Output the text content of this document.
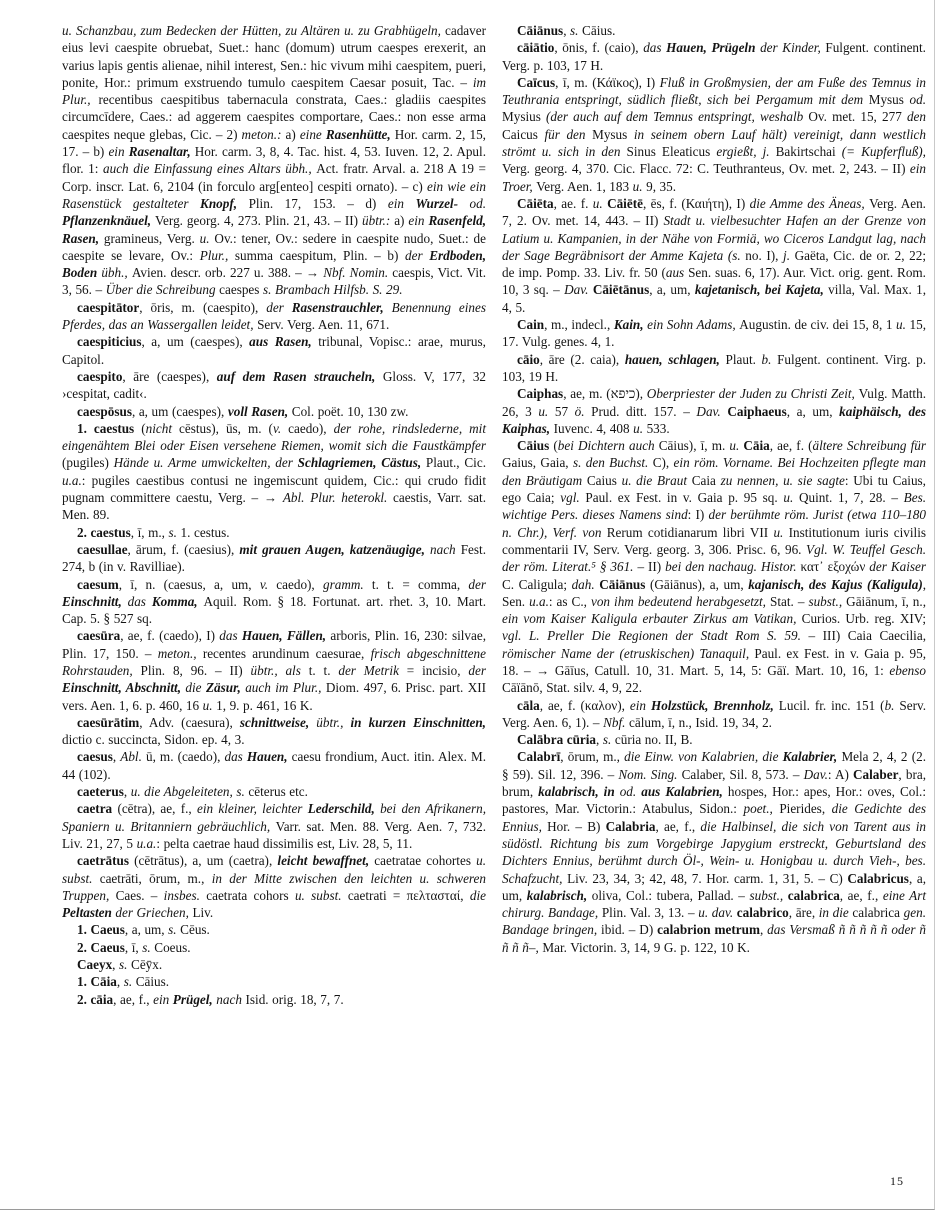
u. Schanzbau, zum Bedecken der Hütten, zu Altären u. zu Grabhügeln, cadaver eius levi caespite obruebat, Suet.: hanc (domum) utrum caespes erexerit, an varius lapis gentis alienae, nihil interest, Sen.: hic vivum mihi caespitem, pueri, ponite, Hor.: primum exstruendo tumulo caespitem Caesar posuit, Tac. – im Plur., recentibus caespitibus tabernacula constrata, Caes.: gladiis caespites circumcīdere, Caes.: ad aggerem caespites comportare, Caes.: non esse arma caespites neque glebas, Cic. – 2) meton.: a) eine Rasenhütte, Hor. carm. 2, 15, 17. – b) ein Rasenaltar, Hor. carm. 3, 8, 4. Tac. hist. 4, 53. Iuven. 12, 2. Apul. flor. 1: auch die Einfassung eines Altars übh., Act. fratr. Arval. a. 218 A 19 = Corp. inscr. Lat. 6, 2104 (in forculo arg[enteo] cespiti ornato). – c) ein wie ein Rasenstück gestalteter Knopf, Plin. 17, 153. – d) ein Wurzel- od. Pflanzenknäuel, Verg. georg. 4, 273. Plin. 21, 43. – II) übtr.: a) ein Rasenfeld, Rasen, gramineus, Verg. u. Ov.: tener, Ov.: sedere in caespite nudo, Suet.: de caespite se levare, Ov.: Plur., summa caespitum, Plin. – b) der Erdboden, Boden übh., Avien. descr. orb. 227 u. 388. – → Nbf. Nomin. caespis, Vict. Vit. 3, 56. – Über die Schreibung caespes s. Brambach Hilfsb. S. 29.

caespitātor, ōris, m. (caespito), der Rasenstrauchler, Benennung eines Pferdes, das an Wassergallen leidet, Serv. Verg. Aen. 11, 671.

caespiticius, a, um (caespes), aus Rasen, tribunal, Vopisc.: arae, murus, Capitol.

caespito, āre (caespes), auf dem Rasen straucheln, Gloss. V, 177, 32 ›cespitat, cadit‹.

caespōsus, a, um (caespes), voll Rasen, Col. poët. 10, 130 zw.

1. caestus (nicht cēstus), ūs, m. (v. caedo), der rohe, rindslederne, mit eingenähtem Blei oder Eisen versehene Riemen, womit sich die Faustkämpfer (pugiles) Hände u. Arme umwickelten, der Schlagriemen, Cästus, Plaut., Cic. u.a.: pugiles caestibus contusi ne ingemiscunt quidem, Cic.: qui crudo fidit pugnam committere caestu, Verg. – → Abl. Plur. heterokl. caestis, Varr. sat. Men. 89.

2. caestus, ī, m., s. 1. cestus.

caesullae, ārum, f. (caesius), mit grauen Augen, katzenäugige, nach Fest. 274, b (in v. Ravilliae).

caesum, ī, n. (caesus, a, um, v. caedo), gramm. t. t. = comma, der Einschnitt, das Komma, Aquil. Rom. § 18. Fortunat. art. rhet. 3, 10. Mart. Cap. 5. § 527 sq.

caesūra, ae, f. (caedo), I) das Hauen, Fällen, arboris, Plin. 16, 230: silvae, Plin. 17, 150. – meton., recentes arundinum caesurae, frisch abgeschnittene Rohrstauden, Plin. 8, 96. – II) übtr., als t. t. der Metrik = incisio, der Einschnitt, Abschnitt, die Zäsur, auch im Plur., Diom. 497, 6. Prisc. part. XII vers. Aen. 1, 6. p. 460, 16 u. 1, 9. p. 461, 16 K.

caesūrātim, Adv. (caesura), schnittweise, übtr., in kurzen Einschnitten, dictio c. succincta, Sidon. ep. 4, 3.

caesus, Abl. ū, m. (caedo), das Hauen, caesu frondium, Auct. itin. Alex. M. 44 (102).

caeterus, u. die Abgeleiteten, s. cēterus etc.

caetra (cētra), ae, f., ein kleiner, leichter Lederschild, bei den Afrikanern, Spaniern u. Britanniern gebräuchlich, Varr. sat. Men. 88. Verg. Aen. 7, 732. Liv. 21, 27, 5 u.a.: pelta caetrae haud dissimilis est, Liv. 28, 5, 11.

caetrātus (cētrātus), a, um (caetra), leicht bewaffnet, caetratae cohortes u. subst. caetrāti, ōrum, m., in der Mitte zwischen den leichten u. schweren Truppen, Caes. – insbes. caetrata cohors u. subst. caetrati = πελτασταί, die Peltasten der Griechen, Liv.

1. Caeus, a, um, s. Cēus.

2. Caeus, ī, s. Coeus.

Caeyx, s. Cēȳx.

1. Cāia, s. Cāius.

2. cāia, ae, f., ein Prügel, nach Isid. orig. 18, 7, 7.

Cāiānus, s. Cāius.

cāiātio, ōnis, f. (caio), das Hauen, Prügeln der Kinder, Fulgent. continent. Verg. p. 103, 17 H.

Caīcus, ī, m. (Κάϊκος), I) Fluß in Großmysien, der am Fuße des Temnus in Teuthrania entspringt, südlich fließt, sich bei Pergamum mit dem Mysus od. Mysius (der auch auf dem Temnus entspringt, weshalb Ov. met. 15, 277 den Caicus für den Mysus in seinem obern Lauf hält) vereinigt, dann westlich strömt u. sich in den Sinus Eleaticus ergießt, j. Bakirtschai (= Kupferfluß), Verg. georg. 4, 370. Cic. Flacc. 72: C. Teuthranteus, Ov. met. 2, 243. – II) ein Troer, Verg. Aen. 1, 183 u. 9, 35.

Cāiēta, ae. f. u. Cāiētē, ēs, f. (Καιήτη), I) die Amme des Äneas, Verg. Aen. 7, 2. Ov. met. 14, 443. – II) Stadt u. vielbesuchter Hafen an der Grenze von Latium u. Kampanien, in der Nähe von Formiä, wo Ciceros Landgut lag, nach der Sage Begräbnisort der Amme Kajeta (s. no. I), j. Gaëta, Cic. de or. 2, 22; de imp. Pomp. 33. Liv. fr. 50 (aus Sen. suas. 6, 17). Aur. Vict. orig. gent. Rom. 10, 3 sq. – Dav. Cāiētānus, a, um, kajetanisch, bei Kajeta, villa, Val. Max. 1, 4, 5.

Cain, m., indecl., Kain, ein Sohn Adams, Augustin. de civ. dei 15, 8, 1 u. 15, 17. Vulg. genes. 4, 1.

cāio, āre (2. caia), hauen, schlagen, Plaut. b. Fulgent. continent. Virg. p. 103, 19 H.

Caiphas, ae, m. (כיפא), Oberpriester der Juden zu Christi Zeit, Vulg. Matth. 26, 3 u. 57 ö. Prud. ditt. 157. – Dav. Caiphaeus, a, um, kaiphäisch, des Kaiphas, Iuvenc. 4, 408 u. 533.

Cāius (bei Dichtern auch Cāius), ī, m. u. Cāia, ae, f. (ältere Schreibung für Gaius, Gaia, s. den Buchst. C), ein röm. Vorname. Bei Hochzeiten pflegte man den Bräutigam Caius u. die Braut Caia zu nennen, u. sie sagte: Ubi tu Caius, ego Caia; vgl. Paul. ex Fest. in v. Gaia p. 95 sq. u. Quint. 1, 7, 28. – Bes. wichtige Pers. dieses Namens sind: I) der berühmte röm. Jurist (etwa 110–180 n. Chr.), Verf. von Rerum cotidianarum libri VII u. Institutionum iuris civilis commentarii IV, Serv. Verg. georg. 3, 306. Prisc. 6, 96. Vgl. W. Teuffel Gesch. der röm. Literat.⁵ § 361. – II) bei den nachaug. Histor. κατ᾽ εξοχών der Kaiser C. Caligula; dah. Cāiānus (Gāiānus), a, um, kajanisch, des Kajus (Kaligula), Sen. u.a.: as C., von ihm bedeutend herabgesetzt, Stat. – subst., Gāiānum, ī, n., ein vom Kaiser Kaligula erbauter Zirkus am Vatikan, Curios. Urb. reg. XIV; vgl. L. Preller Die Regionen der Stadt Rom S. 59. – III) Caia Caecilia, römischer Name der (etruskischen) Tanaquil, Paul. ex Fest. in v. Gaia p. 95, 18. – → Gāīus, Catull. 10, 31. Mart. 5, 14, 5: Gāï. Mart. 10, 16, 1: ebenso Cāïānō, Stat. silv. 4, 9, 22.

cāla, ae, f. (καλον), ein Holzstück, Brennholz, Lucil. fr. inc. 151 (b. Serv. Verg. Aen. 6, 1). – Nbf. cālum, ī, n., Isid. 19, 34, 2.

Calābra cūria, s. cūria no. II, B.

Calabrī, ōrum, m., die Einw. von Kalabrien, die Kalabrier, Mela 2, 4, 2 (2. § 59). Sil. 12, 396. – Nom. Sing. Calaber, Sil. 8, 573. – Dav.: A) Calaber, bra, brum, kalabrisch, in od. aus Kalabrien, hospes, Hor.: apes, Hor.: oves, Col.: pastores, Mar. Victorin.: Atabulus, Sidon.: poet., Pierides, die Gedichte des Ennius, Hor. – B) Calabria, ae, f., die Halbinsel, die sich von Tarent aus in südöstl. Richtung bis zum Vorgebirge Japygium erstreckt, Geburtsland des Dichters Ennius, berühmt durch Öl-, Wein- u. Honigbau u. durch Vieh-, bes. Schafzucht, Liv. 23, 34, 3; 42, 48, 7. Hor. carm. 1, 31, 5. – C) Calabricus, a, um, kalabrisch, oliva, Col.: tubera, Pallad. – subst., calabrica, ae, f., eine Art chirurg. Bandage, Plin. Val. 3, 13. – u. dav. calabrico, āre, in die calabrica gen. Bandage bringen, ibid. – D) calabrion metrum, das Versmaß ñ ñ ñ ñ ñ oder ñ ñ ñ ñ–, Mar. Victorin. 3, 14, 9 G. p. 122, 10 K.

15
